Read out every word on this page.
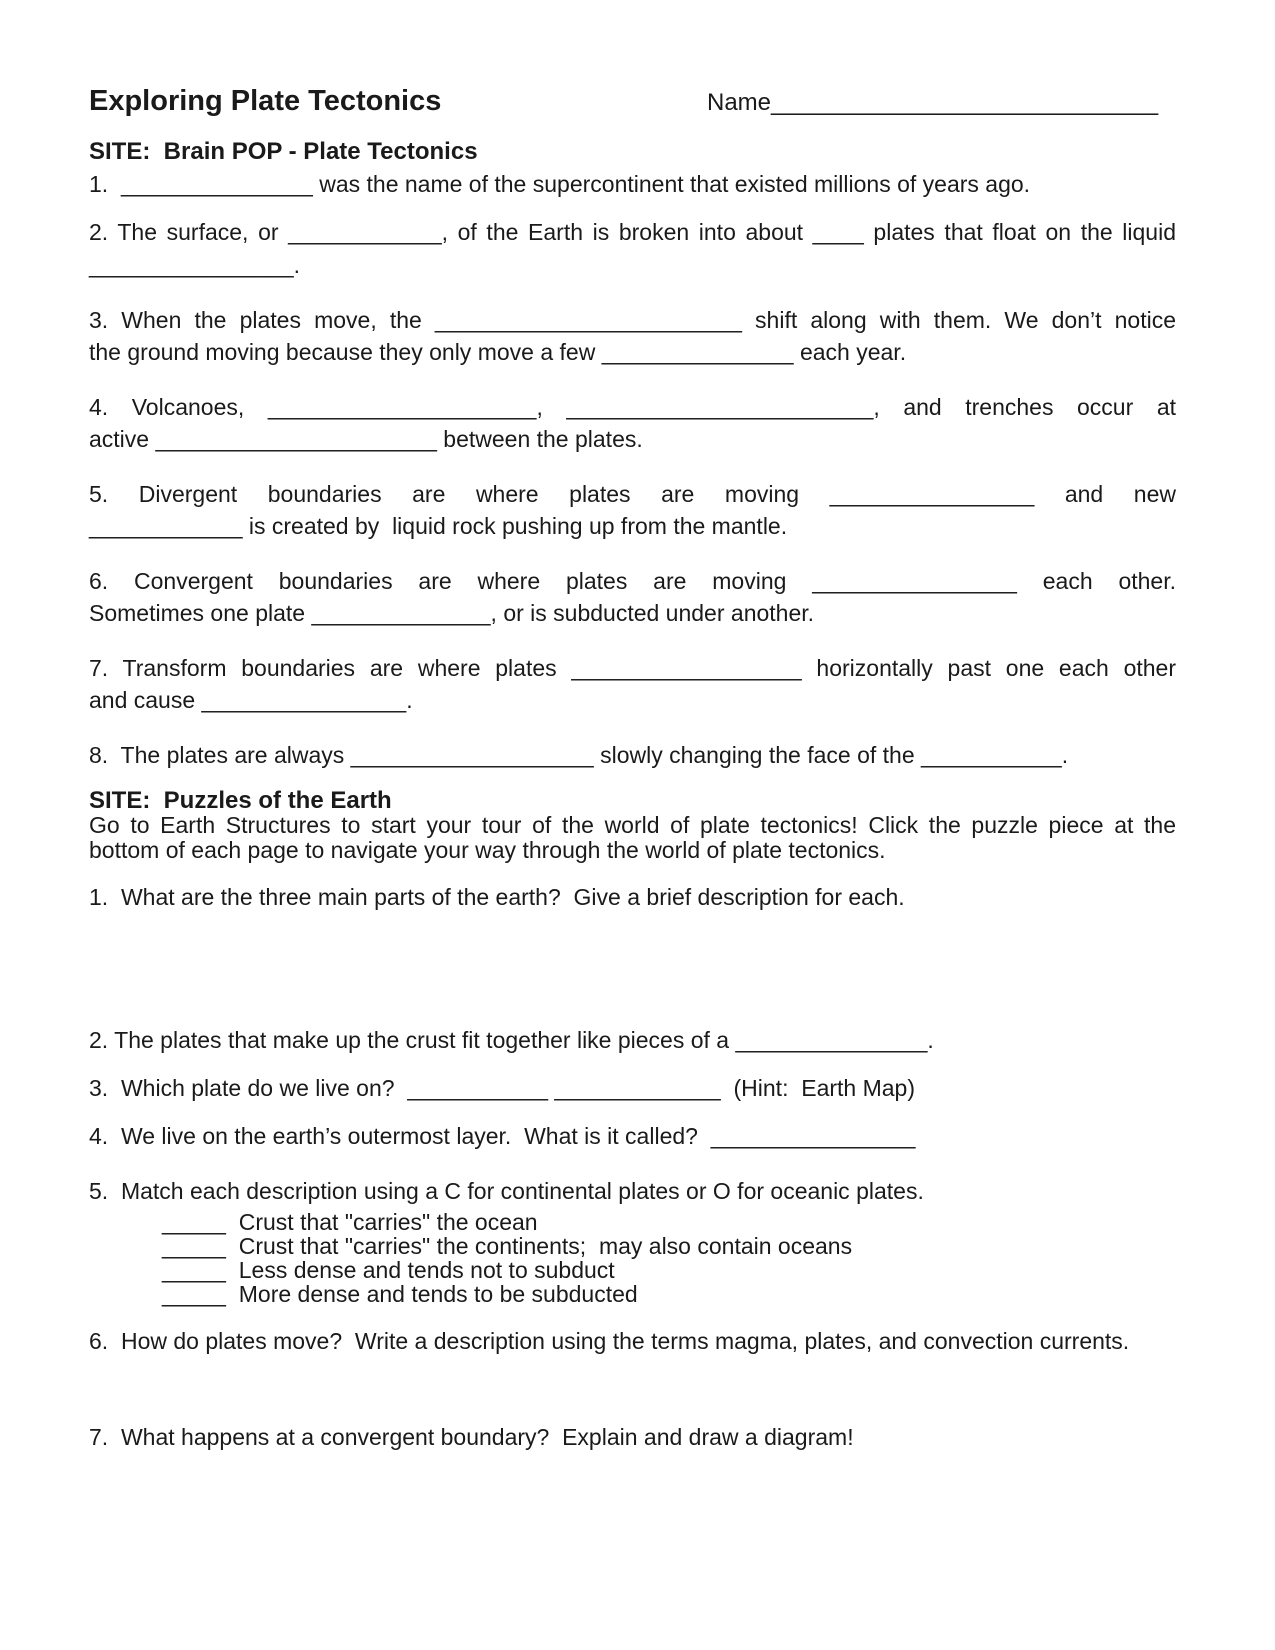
Exploring Plate Tectonics	Name_____________________________
SITE:  Brain POP - Plate Tectonics
1.  _______________ was the name of the supercontinent that existed millions of years ago.
2. The surface, or ____________, of the Earth is broken into about ____ plates that float on the liquid
________________.
3. When the plates move, the ________________________ shift along with them. We don’t notice
the ground moving because they only move a few _______________ each year.
4. Volcanoes, _____________________, ________________________, and trenches occur at
active ______________________ between the plates.
5. Divergent boundaries are where plates are moving ________________ and new
____________ is created by  liquid rock pushing up from the mantle.
6. Convergent boundaries are where plates are moving ________________ each other.
Sometimes one plate ______________, or is subducted under another.
7. Transform boundaries are where plates __________________ horizontally past one each other
and cause ________________.
8.  The plates are always ___________________ slowly changing the face of the ___________.
SITE:  Puzzles of the Earth
Go to Earth Structures to start your tour of the world of plate tectonics! Click the puzzle piece at the
bottom of each page to navigate your way through the world of plate tectonics.
1.  What are the three main parts of the earth?  Give a brief description for each.
2. The plates that make up the crust fit together like pieces of a _______________.
3.  Which plate do we live on?  ___________ _____________  (Hint:  Earth Map)
4.  We live on the earth’s outermost layer.  What is it called?  ________________
5.  Match each description using a C for continental plates or O for oceanic plates.
_____  Crust that "carries" the ocean
_____  Crust that "carries" the continents;  may also contain oceans
_____  Less dense and tends not to subduct
_____  More dense and tends to be subducted
6.  How do plates move?  Write a description using the terms magma, plates, and convection currents.
7.  What happens at a convergent boundary?  Explain and draw a diagram!
